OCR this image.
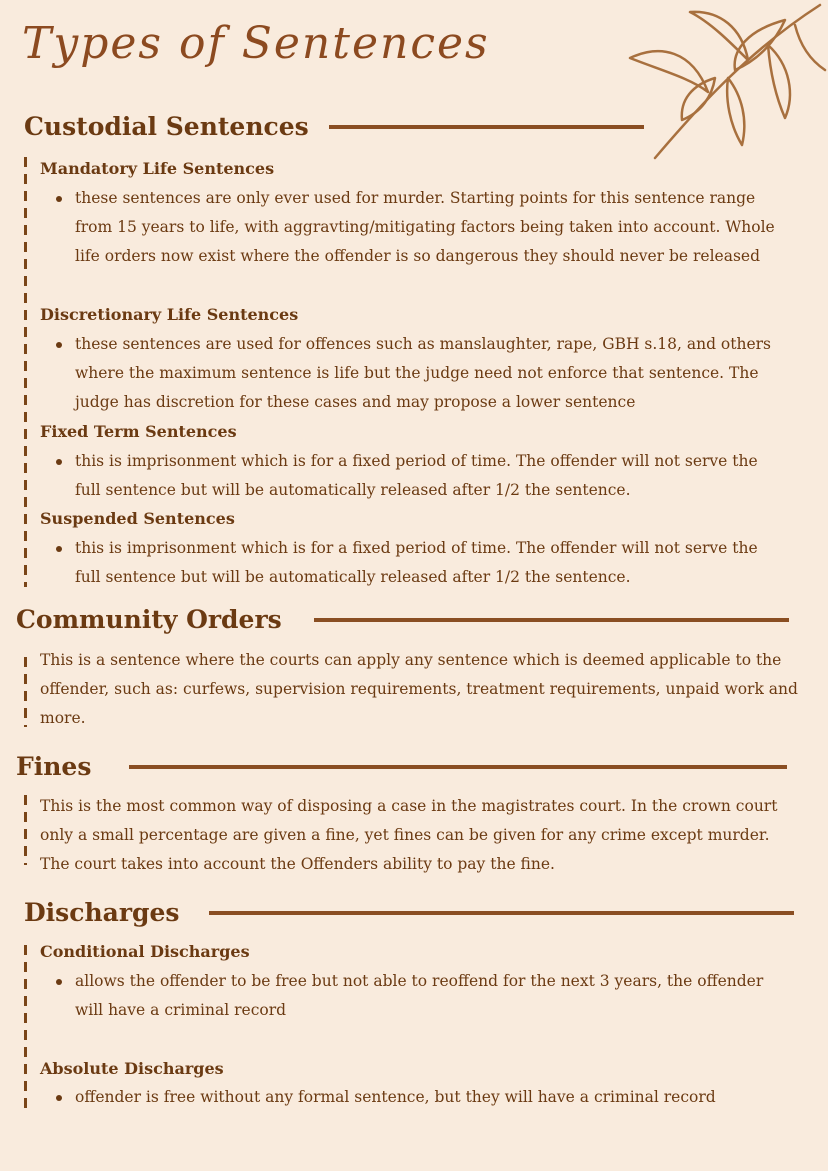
Types of Sentences
Custodial Sentences
Mandatory Life Sentences

these sentences are only ever used for murder. Starting points for this sentence range from 15 years to life, with aggravting/mitigating factors being taken into account. Whole life orders now exist where the offender is so dangerous they should never be released

Discretionary Life Sentences

these sentences are used for offences such as manslaughter, rape, GBH s.18, and others where the maximum sentence is life but the judge need not enforce that sentence. The judge has discretion for these cases and may propose a lower sentence

Fixed Term Sentences

this is imprisonment which is for a fixed period of time. The offender will not serve the full sentence but will be automatically released after 1/2 the sentence.

Suspended Sentences

this is imprisonment which is for a fixed period of time. The offender will not serve the full sentence but will be automatically released after 1/2 the sentence.

Community Orders

This is a sentence where the courts can apply any sentence which is deemed applicable to the offender, such as: curfews, supervision requirements, treatment requirements, unpaid work and more.

Fines

This is the most common way of disposing a case in the magistrates court. In the crown court only a small percentage are given a fine, yet fines can be given for any crime except murder. The court takes into account the Offenders ability to pay the fine.

Discharges
Conditional Discharges

allows the offender to be free but not able to reoffend for the next 3 years, the offender will have a criminal record

Absolute Discharges

offender is free without any formal sentence, but they will have a criminal record
